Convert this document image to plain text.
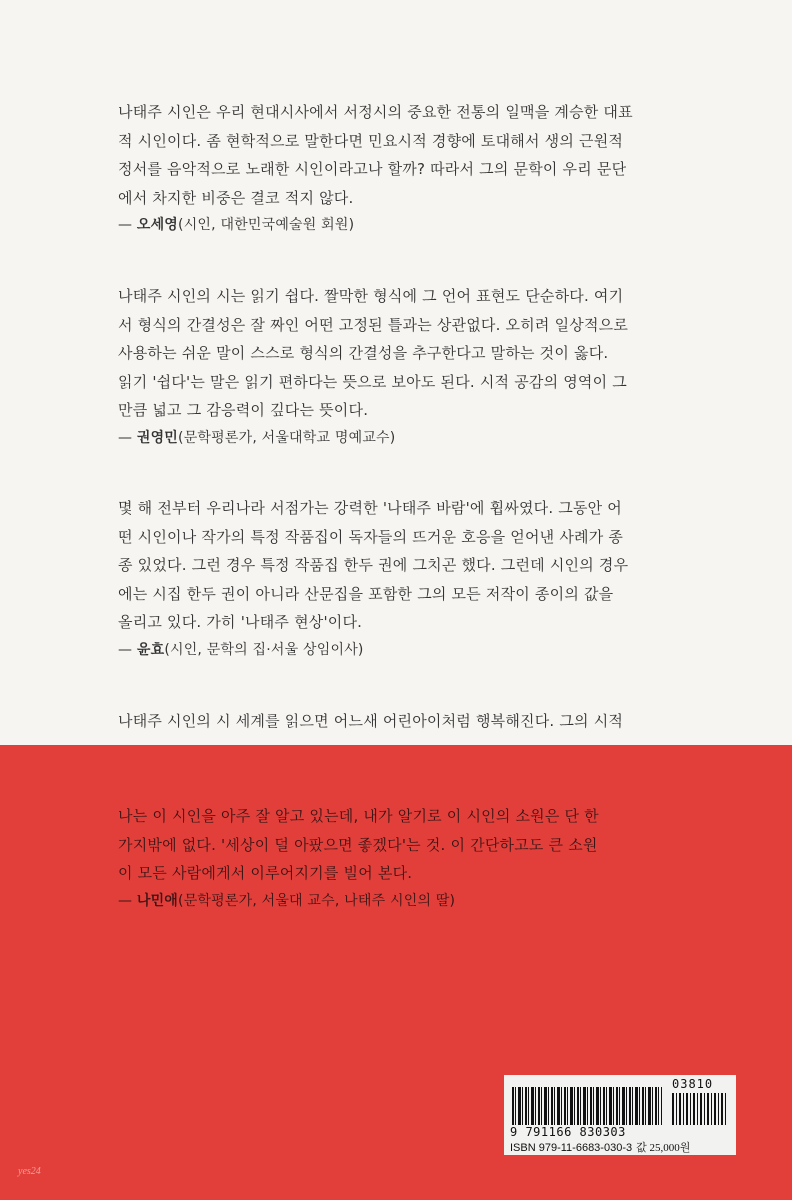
나태주 시인은 우리 현대시사에서 서정시의 중요한 전통의 일맥을 계승한 대표
적 시인이다. 좀 현학적으로 말한다면 민요시적 경향에 토대해서 생의 근원적
정서를 음악적으로 노래한 시인이라고나 할까? 따라서 그의 문학이 우리 문단
에서 차지한 비중은 결코 적지 않다.

— 오세영(시인, 대한민국예술원 회원)

나태주 시인의 시는 읽기 쉽다. 짤막한 형식에 그 언어 표현도 단순하다. 여기
서 형식의 간결성은 잘 짜인 어떤 고정된 틀과는 상관없다. 오히려 일상적으로
사용하는 쉬운 말이 스스로 형식의 간결성을 추구한다고 말하는 것이 옳다.
읽기 '쉽다'는 말은 읽기 편하다는 뜻으로 보아도 된다. 시적 공감의 영역이 그
만큼 넓고 그 감응력이 깊다는 뜻이다.

— 권영민(문학평론가, 서울대학교 명예교수)

몇 해 전부터 우리나라 서점가는 강력한 '나태주 바람'에 휩싸였다. 그동안 어
떤 시인이나 작가의 특정 작품집이 독자들의 뜨거운 호응을 얻어낸 사례가 종
종 있었다. 그런 경우 특정 작품집 한두 권에 그치곤 했다. 그런데 시인의 경우
에는 시집 한두 권이 아니라 산문집을 포함한 그의 모든 저작이 종이의 값을
올리고 있다. 가히 '나태주 현상'이다.

— 윤효(시인, 문학의 집·서울 상임이사)

나태주 시인의 시 세계를 읽으면 어느새 어린아이처럼 행복해진다. 그의 시적

나는 이 시인을 아주 잘 알고 있는데, 내가 알기로 이 시인의 소원은 단 한
가지밖에 없다. '세상이 덜 아팠으면 좋겠다'는 것. 이 간단하고도 큰 소원
이 모든 사람에게서 이루어지기를 빌어 본다.

— 나민애(문학평론가, 서울대 교수, 나태주 시인의 딸)
03810
9 791166 830303
ISBN 979-11-6683-030-3 값 25,000원
yes24
